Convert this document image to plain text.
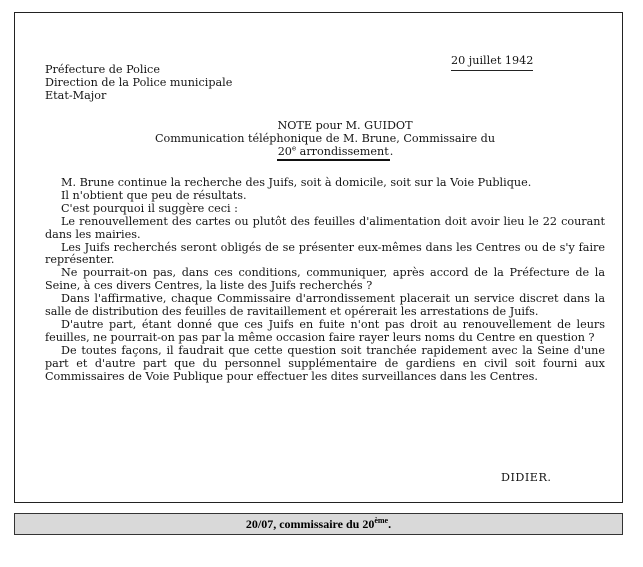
Préfecture de Police
Direction de la Police municipale
Etat-Major
20 juillet 1942
NOTE pour M. GUIDOT
Communication téléphonique de M. Brune, Commissaire du
20e arrondissement.

M. Brune continue la recherche des Juifs, soit à domicile, soit sur la Voie Publique.

Il n'obtient que peu de résultats.

C'est pourquoi il suggère ceci :

Le renouvellement des cartes ou plutôt des feuilles d'alimentation doit avoir lieu le 22 courant dans les mairies.

Les Juifs recherchés seront obligés de se présenter eux-mêmes dans les Centres ou de s'y faire représenter.

Ne pourrait-on pas, dans ces conditions, communiquer, après accord de la Préfecture de la Seine, à ces divers Centres, la liste des Juifs recherchés ?

Dans l'affirmative, chaque Commissaire d'arrondissement placerait un service discret dans la salle de distribution des feuilles de ravitaillement et opérerait les arrestations de Juifs.

D'autre part, étant donné que ces Juifs en fuite n'ont pas droit au renouvellement de leurs feuilles, ne pourrait-on pas par la même occasion faire rayer leurs noms du Centre en question ?

De toutes façons, il faudrait que cette question soit tranchée rapidement avec la Seine d'une part et d'autre part que du personnel supplémentaire de gardiens en civil soit fourni aux Commissaires de Voie Publique pour effectuer les dites surveillances dans les Centres.

DIDIER.
20/07, commissaire du 20ème.
